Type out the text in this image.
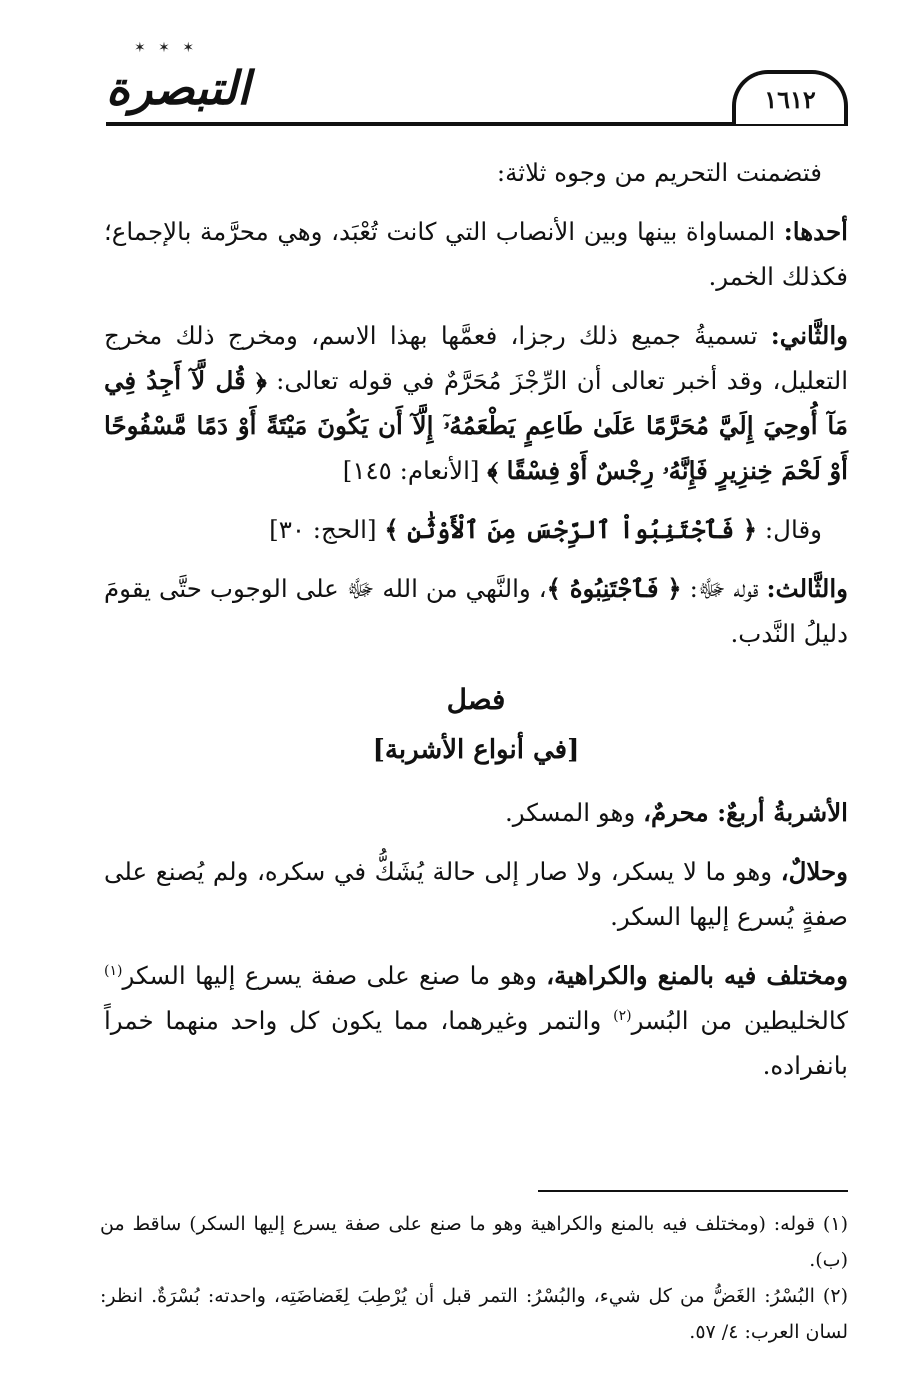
✶ ✶ ✶
التبصرة	١٦١٢

فتضمنت التحريم من وجوه ثلاثة:

أحدها: المساواة بينها وبين الأنصاب التي كانت تُعْبَد، وهي محرَّمة بالإجماع؛ فكذلك الخمر.

والثَّاني: تسميةُ جميع ذلك رجزا، فعمَّها بهذا الاسم، ومخرج ذلك مخرج التعليل، وقد أخبر تعالى أن الرِّجْزَ مُحَرَّمٌ في قوله تعالى: ﴿ قُل لَّآ أَجِدُ فِي مَآ أُوحِيَ إِلَيَّ مُحَرَّمًا عَلَىٰ طَاعِمٍ يَطْعَمُهُۥٓ إِلَّآ أَن يَكُونَ مَيْتَةً أَوْ دَمًا مَّسْفُوحًا أَوْ لَحْمَ خِنزِيرٍ فَإِنَّهُۥ رِجْسٌ أَوْ فِسْقًا ﴾ [الأنعام: ١٤٥]

وقال: ﴿ فَٱجْتَنِبُواْ ٱلرِّجْسَ مِنَ ٱلْأَوْثَٰنِ ﴾ [الحج: ٣٠]

والثَّالث: قوله ﷻ: ﴿ فَٱجْتَنِبُوهُ ﴾، والنَّهي من الله ﷻ على الوجوب حتَّى يقومَ دليلُ النَّدب.

فصل
[في أنواع الأشربة]

الأشربةُ أربعٌ: محرمٌ، وهو المسكر.

وحلالٌ، وهو ما لا يسكر، ولا صار إلى حالة يُشَكُّ في سكره، ولم يُصنع على صفةٍ يُسرع إليها السكر.

ومختلف فيه بالمنع والكراهية، وهو ما صنع على صفة يسرع إليها السكر$^{(١)}$ كالخليطين من البُسر$^{(٢)}$ والتمر وغيرهما، مما يكون كل واحد منهما خمراً بانفراده.

(١) قوله: (ومختلف فيه بالمنع والكراهية وهو ما صنع على صفة يسرع إليها السكر) ساقط من (ب).

(٢) البُسْرُ: الغَضُّ من كل شيء، والبُسْرُ: التمر قبل أن يُرْطِبَ لِغَضاضَتِه، واحدته: بُسْرَةٌ. انظر: لسان العرب: ٤/ ٥٧.
